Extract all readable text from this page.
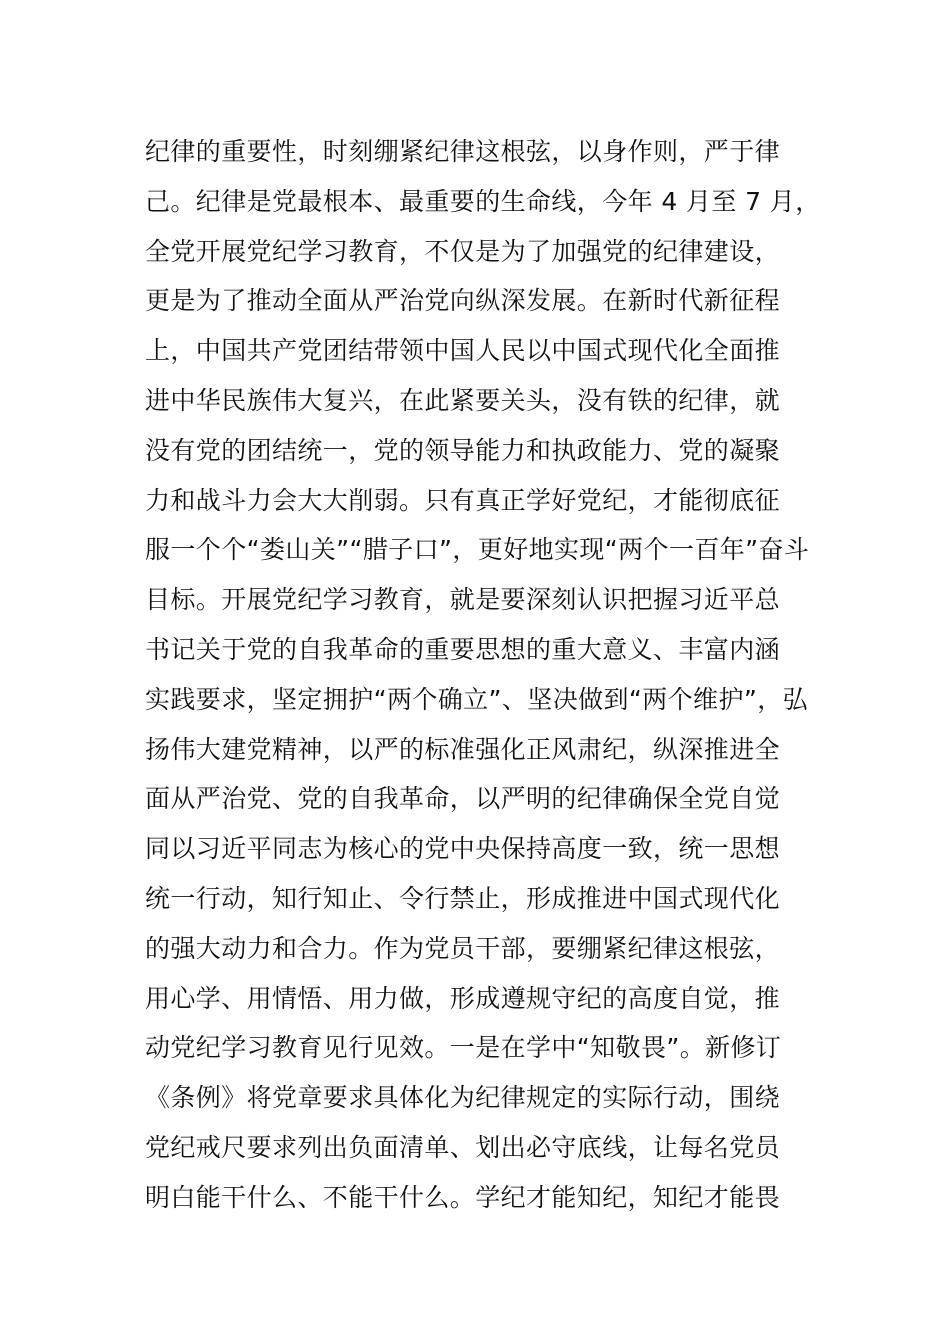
纪律的重要性，时刻绷紧纪律这根弦，以身作则，严于律
己。纪律是党最根本、最重要的生命线，今年 4 月至 7 月，
全党开展党纪学习教育，不仅是为了加强党的纪律建设，
更是为了推动全面从严治党向纵深发展。在新时代新征程
上，中国共产党团结带领中国人民以中国式现代化全面推
进中华民族伟大复兴，在此紧要关头，没有铁的纪律，就
没有党的团结统一，党的领导能力和执政能力、党的凝聚
力和战斗力会大大削弱。只有真正学好党纪，才能彻底征
服一个个“娄山关”“腊子口”，更好地实现“两个一百年”奋斗
目标。开展党纪学习教育，就是要深刻认识把握习近平总
书记关于党的自我革命的重要思想的重大意义、丰富内涵
实践要求，坚定拥护“两个确立”、坚决做到“两个维护”，弘
扬伟大建党精神，以严的标准强化正风肃纪，纵深推进全
面从严治党、党的自我革命，以严明的纪律确保全党自觉
同以习近平同志为核心的党中央保持高度一致，统一思想
统一行动，知行知止、令行禁止，形成推进中国式现代化
的强大动力和合力。作为党员干部，要绷紧纪律这根弦，
用心学、用情悟、用力做，形成遵规守纪的高度自觉，推
动党纪学习教育见行见效。一是在学中“知敬畏”。新修订
《条例》将党章要求具体化为纪律规定的实际行动，围绕
党纪戒尺要求列出负面清单、划出必守底线，让每名党员
明白能干什么、不能干什么。学纪才能知纪，知纪才能畏
